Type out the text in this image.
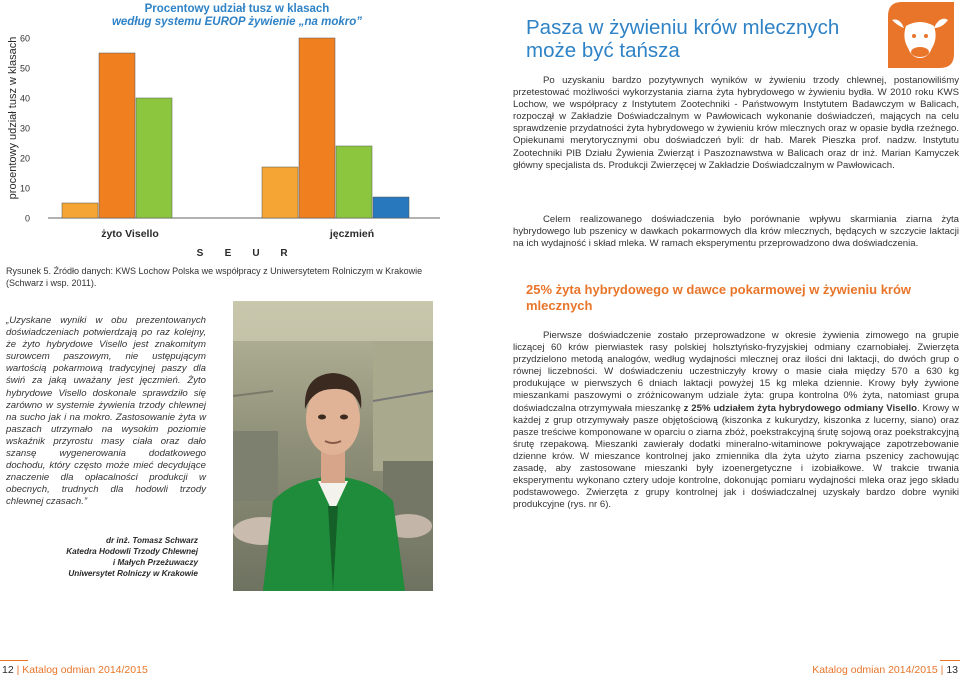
Procentowy udział tusz w klasach
według systemu EUROP żywienie „na mokro”
procentowy udział tusz w klasach
0
10
20
30
40
50
60
żyto Visello	jęczmień
S E U R
Rysunek 5. Źródło danych: KWS Lochow Polska we współpracy z Uniwersytetem Rolniczym w Krakowie (Schwarz i wsp. 2011).
„Uzyskane wyniki w obu prezentowanych doświadczeniach potwierdzają po raz kolejny, że żyto hybrydowe Visello jest znakomitym surowcem paszowym, nie ustępującym wartością pokarmową tradycyjnej paszy dla świń za jaką uważany jest jęczmień. Żyto hybrydowe Visello doskonale sprawdziło się zarówno w systemie żywienia trzody chlewnej na sucho jak i na mokro. Zastosowanie żyta w paszach utrzymało na wysokim poziomie wskaźnik przyrostu masy ciała oraz dało szansę wygenerowania dodatkowego dochodu, który często może mieć decydujące znaczenie dla opłacalności produkcji w obecnych, trudnych dla hodowli trzody chlewnej czasach.”
dr inż. Tomasz Schwarz
Katedra Hodowli Trzody Chlewnej
i Małych Przeżuwaczy
Uniwersytet Rolniczy w Krakowie
Pasza w żywieniu krów mlecznych może być tańsza
Po uzyskaniu bardzo pozytywnych wyników w żywieniu trzody chlewnej, postanowiliśmy przetestować możliwości wykorzystania ziarna żyta hybrydowego w żywieniu bydła. W 2010 roku KWS Lochow, we współpracy z Instytutem Zootechniki - Państwowym Instytutem Badawczym w Balicach, rozpoczął w Zakładzie Doświadczalnym w Pawłowicach wykonanie doświadczeń, mających na celu sprawdzenie przydatności żyta hybrydowego w żywieniu krów mlecznych oraz w opasie bydła rzeźnego. Opiekunami merytorycznymi obu doświadczeń byli: dr hab. Marek Pieszka prof. nadzw. Instytutu Zootechniki PIB Działu Żywienia Zwierząt i Paszoznawstwa w Balicach oraz dr inż. Marian Kamyczek główny specjalista ds. Produkcji Zwierzęcej w Zakładzie Doświadczalnym w Pawłowicach.
Celem realizowanego doświadczenia było porównanie wpływu skarmiania ziarna żyta hybrydowego lub pszenicy w dawkach pokarmowych dla krów mlecznych, będących w szczycie laktacji na ich wydajność i skład mleka. W ramach eksperymentu przeprowadzono dwa doświadczenia.
25% żyta hybrydowego w dawce pokarmowej w żywieniu krów mlecznych
Pierwsze doświadczenie zostało przeprowadzone w okresie żywienia zimowego na grupie liczącej 60 krów pierwiastek rasy polskiej holsztyńsko-fryzyjskiej odmiany czarnobiałej. Zwierzęta przydzielono metodą analogów, według wydajności mlecznej oraz ilości dni laktacji, do dwóch grup o równej liczebności. W doświadczeniu uczestniczyły krowy o masie ciała między 570 a 630 kg produkujące w pierwszych 6 dniach laktacji powyżej 15 kg mleka dziennie. Krowy były żywione mieszankami paszowymi o zróżnicowanym udziale żyta: grupa kontrolna 0% żyta, natomiast grupa doświadczalna otrzymywała mieszankę z 25% udziałem żyta hybrydowego odmiany Visello. Krowy w każdej z grup otrzymywały pasze objętościową (kiszonka z kukurydzy, kiszonka z lucerny, siano) oraz pasze treściwe komponowane w oparciu o ziarna zbóż, poekstrakcyjną śrutę sojową oraz poekstrakcyjną śrutę rzepakową. Mieszanki zawierały dodatki mineralno-witaminowe pokrywające zapotrzebowanie dzienne krów. W mieszance kontrolnej jako zmiennika dla żyta użyto ziarna pszenicy zachowując zasadę, aby zastosowane mieszanki były izoenergetyczne i izobiałkowe. W trakcie trwania eksperymentu wykonano cztery udoje kontrolne, dokonując pomiaru wydajności mleka oraz jego składu podstawowego. Zwierzęta z grupy kontrolnej jak i doświadczalnej uzyskały bardzo dobre wyniki produkcyjne (rys. nr 6).
12 | Katalog odmian 2014/2015	Katalog odmian 2014/2015 | 13
